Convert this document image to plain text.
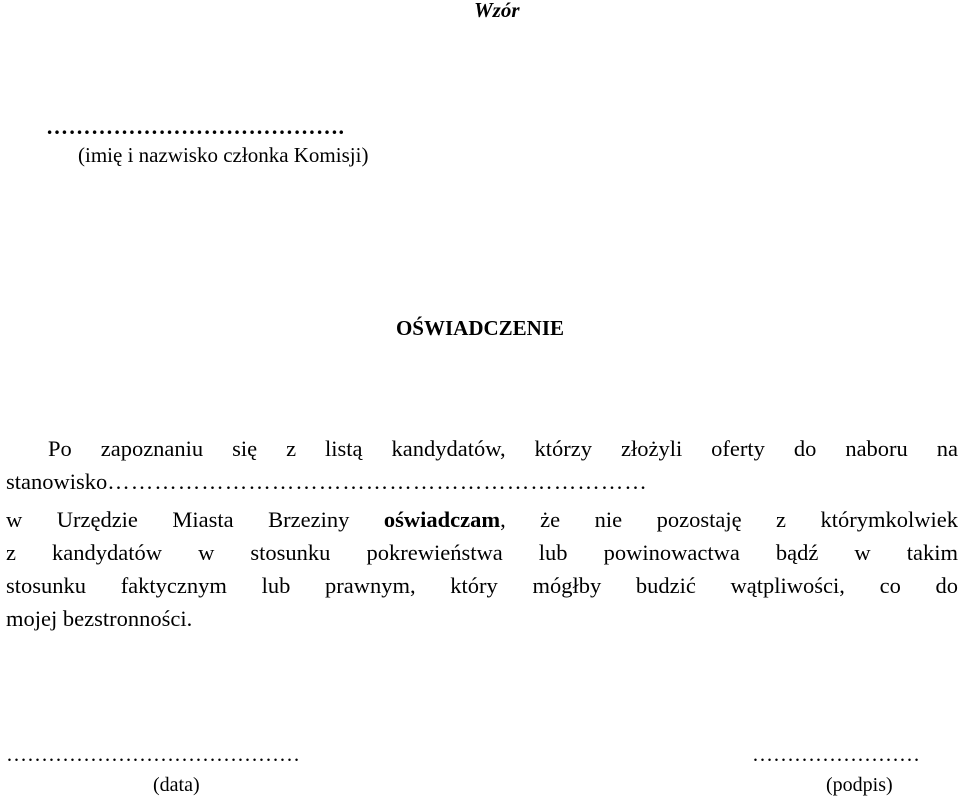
Wzór
………………………………….
(imię i nazwisko członka Komisji)
OŚWIADCZENIE
Po zapoznaniu się z listą kandydatów, którzy złożyli oferty do naboru na
stanowisko……………………………………………………………
w Urzędzie Miasta Brzeziny oświadczam, że nie pozostaję z którymkolwiek
z kandydatów w stosunku pokrewieństwa lub powinowactwa bądź w takim
stosunku faktycznym lub prawnym, który mógłby budzić wątpliwości, co do
mojej bezstronności.
……………………………………
(data)
……………………
(podpis)
